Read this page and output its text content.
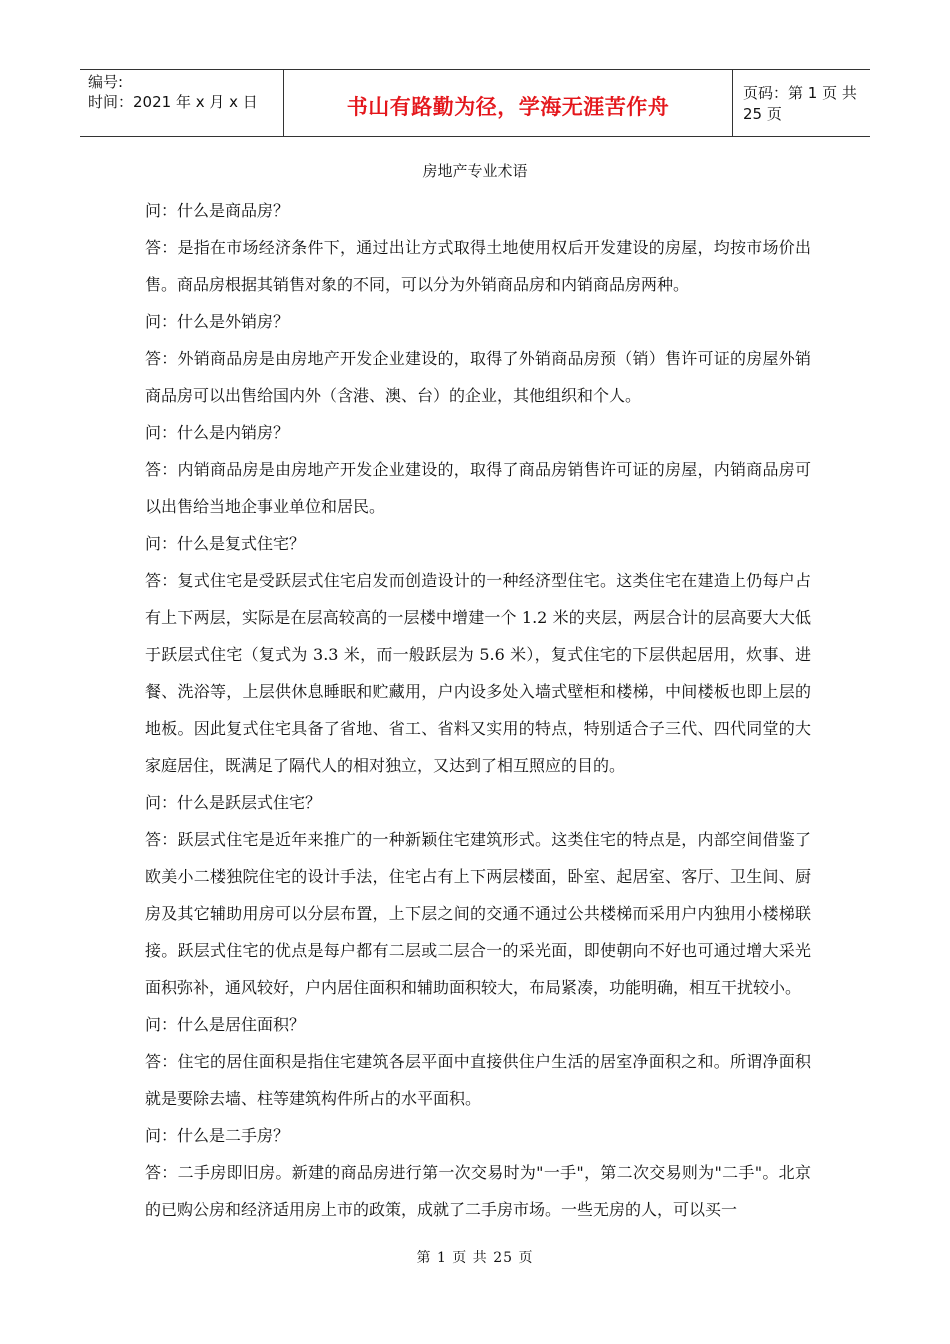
编号:
时间：2021 年 x 月 x 日	书山有路勤为径，学海无涯苦作舟
页码：第 1 页 共 25 页
房地产专业术语

问：什么是商品房？

答：是指在市场经济条件下，通过出让方式取得土地使用权后开发建设的房屋，均按市场价出售。商品房根据其销售对象的不同，可以分为外销商品房和内销商品房两种。

问：什么是外销房？

答：外销商品房是由房地产开发企业建设的，取得了外销商品房预（销）售许可证的房屋外销商品房可以出售给国内外（含港、澳、台）的企业，其他组织和个人。

问：什么是内销房？

答：内销商品房是由房地产开发企业建设的，取得了商品房销售许可证的房屋，内销商品房可以出售给当地企事业单位和居民。

问：什么是复式住宅？

答：复式住宅是受跃层式住宅启发而创造设计的一种经济型住宅。这类住宅在建造上仍每户占有上下两层，实际是在层高较高的一层楼中增建一个 1.2 米的夹层，两层合计的层高要大大低于跃层式住宅（复式为 3.3 米，而一般跃层为 5.6 米），复式住宅的下层供起居用，炊事、进餐、洗浴等，上层供休息睡眠和贮藏用，户内设多处入墙式壁柜和楼梯，中间楼板也即上层的地板。因此复式住宅具备了省地、省工、省料又实用的特点，特别适合子三代、四代同堂的大家庭居住，既满足了隔代人的相对独立，又达到了相互照应的目的。

问：什么是跃层式住宅？

答：跃层式住宅是近年来推广的一种新颖住宅建筑形式。这类住宅的特点是，内部空间借鉴了欧美小二楼独院住宅的设计手法，住宅占有上下两层楼面，卧室、起居室、客厅、卫生间、厨房及其它辅助用房可以分层布置，上下层之间的交通不通过公共楼梯而采用户内独用小楼梯联接。跃层式住宅的优点是每户都有二层或二层合一的采光面，即使朝向不好也可通过增大采光面积弥补，通风较好，户内居住面积和辅助面积较大，布局紧凑，功能明确，相互干扰较小。

问：什么是居住面积？

答：住宅的居住面积是指住宅建筑各层平面中直接供住户生活的居室净面积之和。所谓净面积就是要除去墙、柱等建筑构件所占的水平面积。

问：什么是二手房？

答：二手房即旧房。新建的商品房进行第一次交易时为"一手"，第二次交易则为"二手"。北京的已购公房和经济适用房上市的政策，成就了二手房市场。一些无房的人，可以买一

第 1 页 共 25 页
